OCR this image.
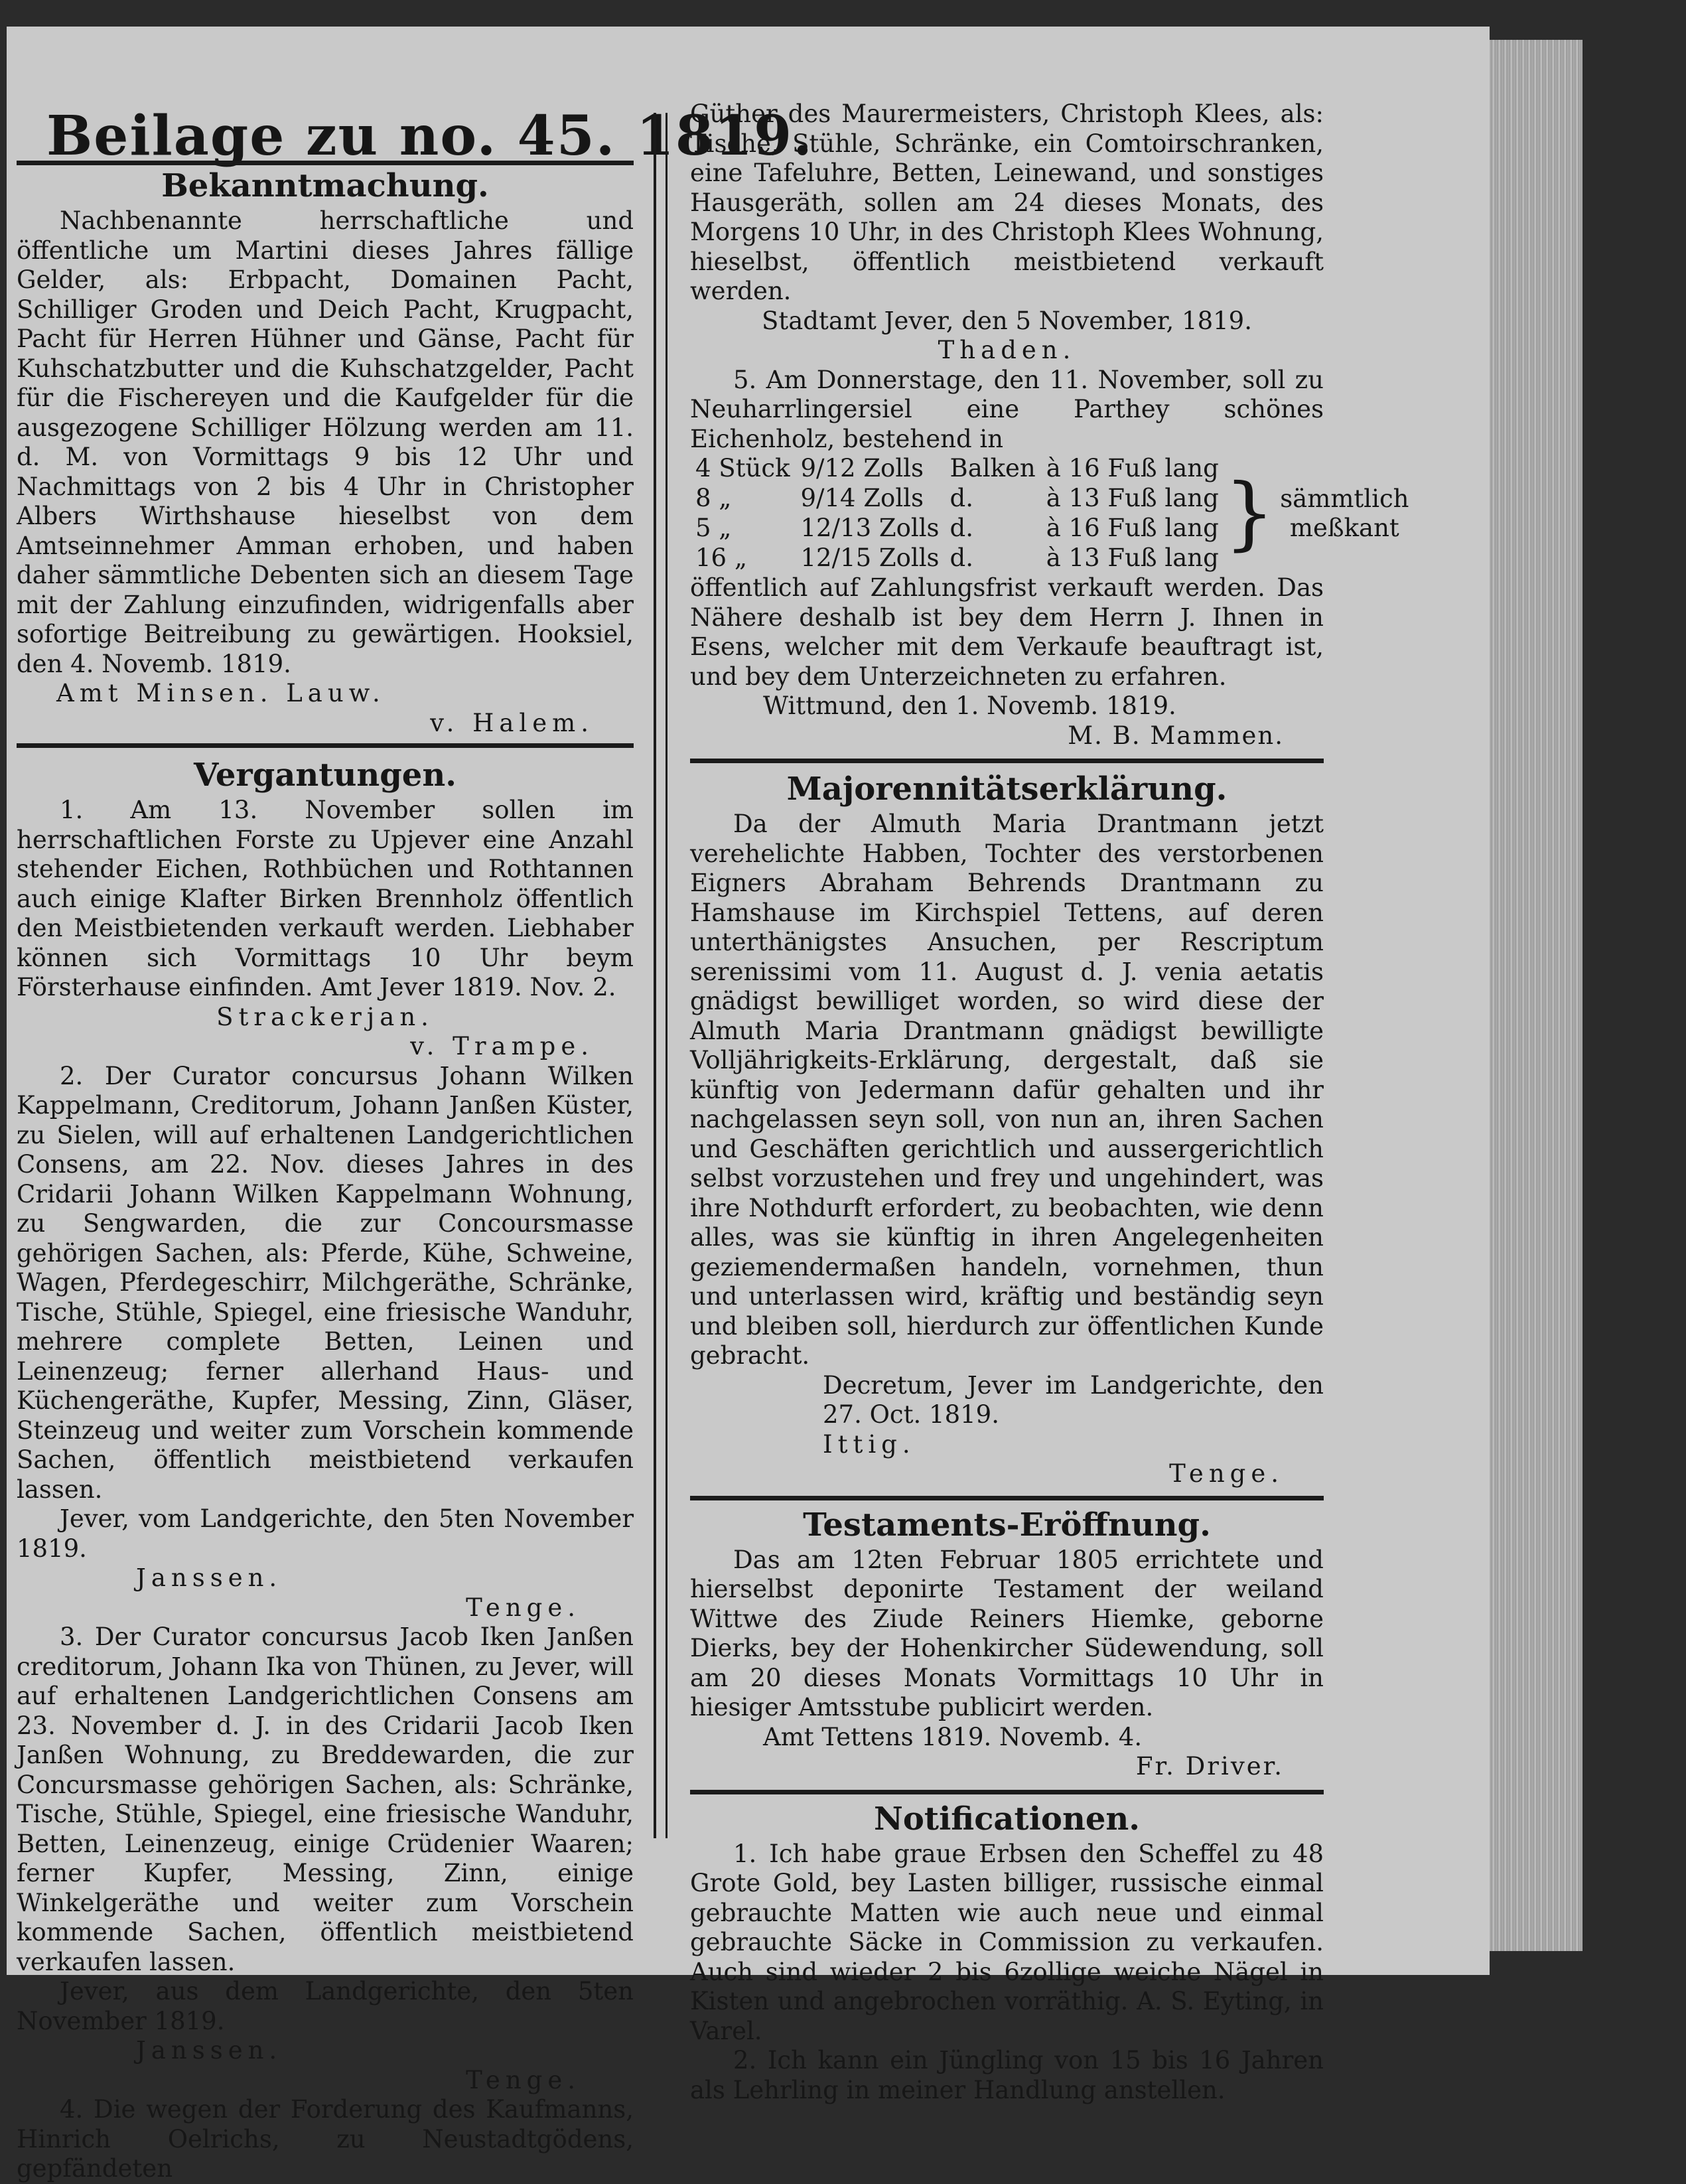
Beilage zu no. 45. 1819.
Bekanntmachung.

Nachbenannte herrschaftliche und öffentliche um Martini dieses Jahres fällige Gelder, als: Erbpacht, Domainen Pacht, Schilliger Groden und Deich Pacht, Krugpacht, Pacht für Herren Hühner und Gänse, Pacht für Kuhschatzbutter und die Kuhschatzgelder, Pacht für die Fischereyen und die Kaufgelder für die ausgezogene Schilliger Hölzung werden am 11. d. M. von Vormittags 9 bis 12 Uhr und Nachmittags von 2 bis 4 Uhr in Christopher Albers Wirthshause hieselbst von dem Amtseinnehmer Amman erhoben, und haben daher sämmtliche Debenten sich an diesem Tage mit der Zahlung einzufinden, widrigenfalls aber sofortige Beitreibung zu gewärtigen. Hooksiel, den 4. Novemb. 1819.

Amt Minsen. Lauw.

v. Halem.

Vergantungen.

1. Am 13. November sollen im herrschaftlichen Forste zu Upjever eine Anzahl stehender Eichen, Rothbüchen und Rothtannen auch einige Klafter Birken Brennholz öffentlich den Meistbietenden verkauft werden. Liebhaber können sich Vormittags 10 Uhr beym Försterhause einfinden. Amt Jever 1819. Nov. 2.

Strackerjan.

v. Trampe.

2. Der Curator concursus Johann Wilken Kappelmann, Creditorum, Johann Janßen Küster, zu Sielen, will auf erhaltenen Landgerichtlichen Consens, am 22. Nov. dieses Jahres in des Cridarii Johann Wilken Kappelmann Wohnung, zu Sengwarden, die zur Concoursmasse gehörigen Sachen, als: Pferde, Kühe, Schweine, Wagen, Pferdegeschirr, Milchgeräthe, Schränke, Tische, Stühle, Spiegel, eine friesische Wanduhr, mehrere complete Betten, Leinen und Leinenzeug; ferner allerhand Haus- und Küchengeräthe, Kupfer, Messing, Zinn, Gläser, Steinzeug und weiter zum Vorschein kommende Sachen, öffentlich meistbietend verkaufen lassen.

Jever, vom Landgerichte, den 5ten November 1819.

Janssen.

Tenge.

3. Der Curator concursus Jacob Iken Janßen creditorum, Johann Ika von Thünen, zu Jever, will auf erhaltenen Landgerichtlichen Consens am 23. November d. J. in des Cridarii Jacob Iken Janßen Wohnung, zu Breddewarden, die zur Concursmasse gehörigen Sachen, als: Schränke, Tische, Stühle, Spiegel, eine friesische Wanduhr, Betten, Leinenzeug, einige Crüdenier Waaren; ferner Kupfer, Messing, Zinn, einige Winkelgeräthe und weiter zum Vorschein kommende Sachen, öffentlich meistbietend verkaufen lassen.

Jever, aus dem Landgerichte, den 5ten November 1819.

Janssen.

Tenge.

4. Die wegen der Forderung des Kaufmanns, Hinrich Oelrichs, zu Neustadtgödens, gepfändeten

Güther des Maurermeisters, Christoph Klees, als: Tische, Stühle, Schränke, ein Comtoirschranken, eine Tafeluhre, Betten, Leinewand, und sonstiges Hausgeräth, sollen am 24 dieses Monats, des Morgens 10 Uhr, in des Christoph Klees Wohnung, hieselbst, öffentlich meistbietend verkauft werden.

Stadtamt Jever, den 5 November, 1819.

Thaden.

5. Am Donnerstage, den 11. November, soll zu Neuharrlingersiel eine Parthey schönes Eichenholz, bestehend in

4 Stück	9/12 Zolls	Balken	à 16 Fuß lang	}	sämmtlich
meßkant

8 „	9/14 Zolls	d.	à 13 Fuß lang		
5 „	12/13 Zolls	d.	à 16 Fuß lang		
16 „	12/15 Zolls	d.	à 13 Fuß lang		

öffentlich auf Zahlungsfrist verkauft werden. Das Nähere deshalb ist bey dem Herrn J. Ihnen in Esens, welcher mit dem Verkaufe beauftragt ist, und bey dem Unterzeichneten zu erfahren.

Wittmund, den 1. Novemb. 1819.

M. B. Mammen.

Majorennitätserklärung.

Da der Almuth Maria Drantmann jetzt verehelichte Habben, Tochter des verstorbenen Eigners Abraham Behrends Drantmann zu Hamshause im Kirchspiel Tettens, auf deren unterthänigstes Ansuchen, per Rescriptum serenissimi vom 11. August d. J. venia aetatis gnädigst bewilliget worden, so wird diese der Almuth Maria Drantmann gnädigst bewilligte Volljährigkeits-Erklärung, dergestalt, daß sie künftig von Jedermann dafür gehalten und ihr nachgelassen seyn soll, von nun an, ihren Sachen und Geschäften gerichtlich und aussergerichtlich selbst vorzustehen und frey und ungehindert, was ihre Nothdurft erfordert, zu beobachten, wie denn alles, was sie künftig in ihren Angelegenheiten geziemendermaßen handeln, vornehmen, thun und unterlassen wird, kräftig und beständig seyn und bleiben soll, hierdurch zur öffentlichen Kunde gebracht.

Decretum, Jever im Landgerichte, den 27. Oct. 1819.

Ittig.

Tenge.

Testaments-Eröffnung.

Das am 12ten Februar 1805 errichtete und hierselbst deponirte Testament der weiland Wittwe des Ziude Reiners Hiemke, geborne Dierks, bey der Hohenkircher Südewendung, soll am 20 dieses Monats Vormittags 10 Uhr in hiesiger Amtsstube publicirt werden.

Amt Tettens 1819. Novemb. 4.

Fr. Driver.

Notificationen.

1. Ich habe graue Erbsen den Scheffel zu 48 Grote Gold, bey Lasten billiger, russische einmal gebrauchte Matten wie auch neue und einmal gebrauchte Säcke in Commission zu verkaufen. Auch sind wieder 2 bis 6zollige weiche Nägel in Kisten und angebrochen vorräthig. A. S. Eyting, in Varel.

2. Ich kann ein Jüngling von 15 bis 16 Jahren als Lehrling in meiner Handlung anstellen.
